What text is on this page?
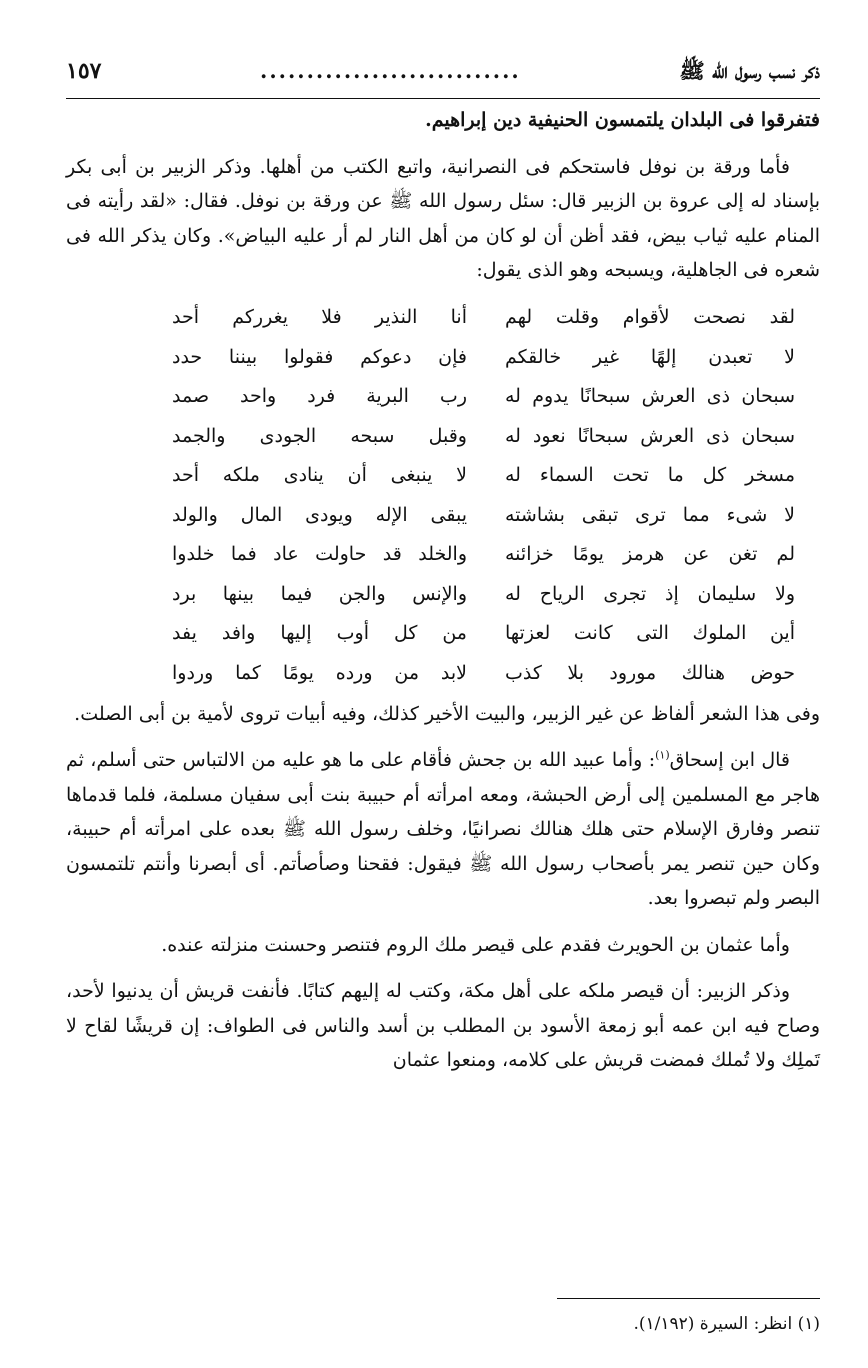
ذكر نسب رسول الله ﷺ
............................
١٥٧

فتفرقوا فى البلدان يلتمسون الحنيفية دين إبراهيم.

فأما ورقة بن نوفل فاستحكم فى النصرانية، واتبع الكتب من أهلها. وذكر الزبير بن أبى بكر بإسناد له إلى عروة بن الزبير قال: سئل رسول الله ﷺ عن ورقة بن نوفل. فقال: «لقد رأيته فى المنام عليه ثياب بيض، فقد أظن أن لو كان من أهل النار لم أر عليه البياض». وكان يذكر الله فى شعره فى الجاهلية، ويسبحه وهو الذى يقول:

لقد نصحت لأقوام وقلت لهم
أنا النذير فلا يغرركم أحد
لا تعبدن إلهًا غير خالقكم
فإن دعوكم فقولوا بيننا حدد
سبحان ذى العرش سبحانًا يدوم له
رب البرية فرد واحد صمد
سبحان ذى العرش سبحانًا نعود له
وقبل سبحه الجودى والجمد
مسخر كل ما تحت السماء له
لا ينبغى أن ينادى ملكه أحد
لا شىء مما ترى تبقى بشاشته
يبقى الإله ويودى المال والولد
لم تغن عن هرمز يومًا خزائنه
والخلد قد حاولت عاد فما خلدوا
ولا سليمان إذ تجرى الرياح له
والإنس والجن فيما بينها برد
أين الملوك التى كانت لعزتها
من كل أوب إليها وافد يفد
حوض هنالك مورود بلا كذب
لابد من ورده يومًا كما وردوا

وفى هذا الشعر ألفاظ عن غير الزبير، والبيت الأخير كذلك، وفيه أبيات تروى لأمية بن أبى الصلت.

قال ابن إسحاق$^{(١)}$: وأما عبيد الله بن جحش فأقام على ما هو عليه من الالتباس حتى أسلم، ثم هاجر مع المسلمين إلى أرض الحبشة، ومعه امرأته أم حبيبة بنت أبى سفيان مسلمة، فلما قدماها تنصر وفارق الإسلام حتى هلك هنالك نصرانيًا، وخلف رسول الله ﷺ بعده على امرأته أم حبيبة، وكان حين تنصر يمر بأصحاب رسول الله ﷺ فيقول: فقحنا وصأصأتم. أى أبصرنا وأنتم تلتمسون البصر ولم تبصروا بعد.

وأما عثمان بن الحويرث فقدم على قيصر ملك الروم فتنصر وحسنت منزلته عنده.

وذكر الزبير: أن قيصر ملكه على أهل مكة، وكتب له إليهم كتابًا. فأنفت قريش أن يدنيوا لأحد، وصاح فيه ابن عمه أبو زمعة الأسود بن المطلب بن أسد والناس فى الطواف: إن قريشًا لقاح لا تَملِك ولا تُملك فمضت قريش على كلامه، ومنعوا عثمان

(١) انظر: السيرة (١/١٩٢).
